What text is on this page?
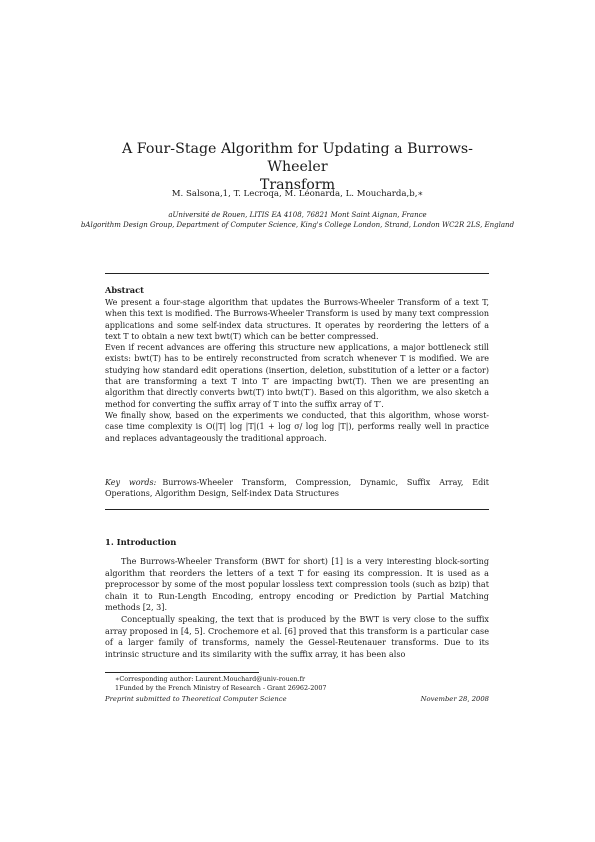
A Four-Stage Algorithm for Updating a Burrows-Wheeler
Transform
M. Salsona,1, T. Lecroqa, M. Léonarda, L. Mouchardа,b,∗
aUniversité de Rouen, LITIS EA 4108, 76821 Mont Saint Aignan, France
bAlgorithm Design Group, Department of Computer Science, King's College London, Strand, London WC2R 2LS, England
Abstract

We present a four-stage algorithm that updates the Burrows-Wheeler Transform of a text T, when this text is modified. The Burrows-Wheeler Transform is used by many text compression applications and some self-index data structures. It operates by reordering the letters of a text T to obtain a new text bwt(T) which can be better compressed.

Even if recent advances are offering this structure new applications, a major bottleneck still exists: bwt(T) has to be entirely reconstructed from scratch whenever T is modified. We are studying how standard edit operations (insertion, deletion, substitution of a letter or a factor) that are transforming a text T into T′ are impacting bwt(T). Then we are presenting an algorithm that directly converts bwt(T) into bwt(T′). Based on this algorithm, we also sketch a method for converting the suffix array of T into the suffix array of T′.

We finally show, based on the experiments we conducted, that this algorithm, whose worst-case time complexity is O(|T| log |T|(1 + log σ/ log log |T|), performs really well in practice and replaces advantageously the traditional approach.

Key words: Burrows-Wheeler Transform, Compression, Dynamic, Suffix Array, Edit Operations, Algorithm Design, Self-index Data Structures
1. Introduction

The Burrows-Wheeler Transform (BWT for short) [1] is a very interesting block-sorting algorithm that reorders the letters of a text T for easing its compression. It is used as a preprocessor by some of the most popular lossless text compression tools (such as bzip) that chain it to Run-Length Encoding, entropy encoding or Prediction by Partial Matching methods [2, 3].

Conceptually speaking, the text that is produced by the BWT is very close to the suffix array proposed in [4, 5]. Crochemore et al. [6] proved that this transform is a particular case of a larger family of transforms, namely the Gessel-Reutenauer transforms. Due to its intrinsic structure and its similarity with the suffix array, it has been also

∗Corresponding author: Laurent.Mouchard@univ-rouen.fr
1Funded by the French Ministry of Research - Grant 26962-2007
Preprint submitted to Theoretical Computer Science	November 28, 2008
